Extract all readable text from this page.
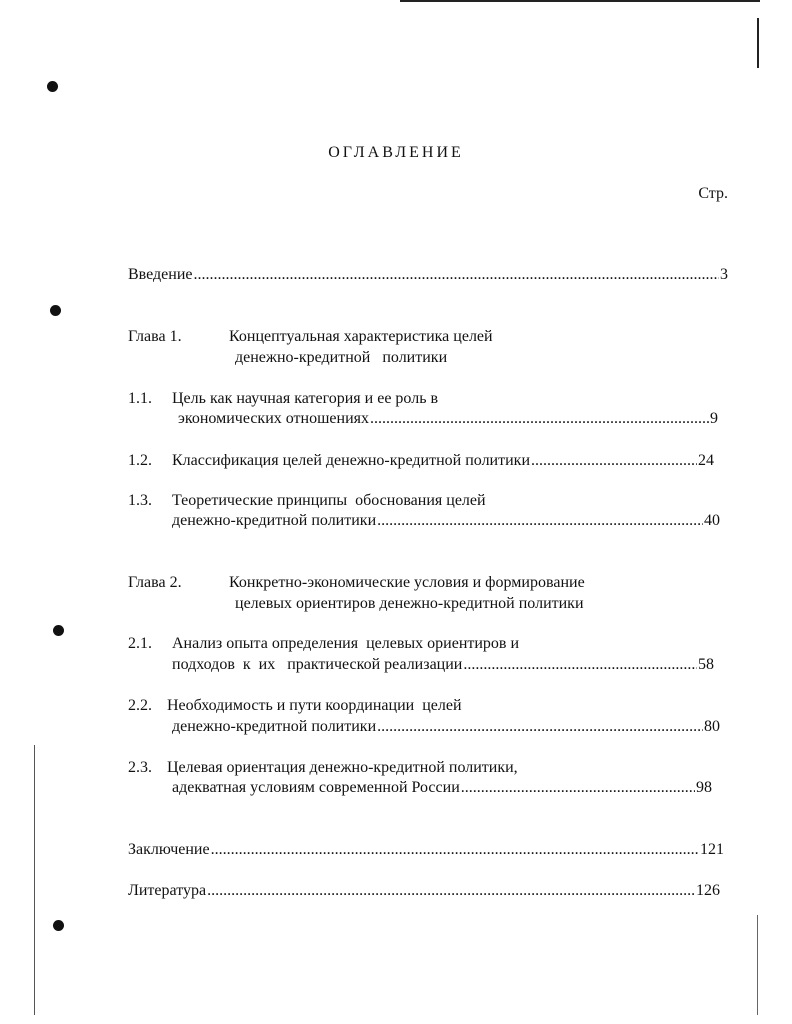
ОГЛАВЛЕНИЕ
Стр.
Введение .....	3
Глава 1.	Концептуальная характеристика целей
денежно-кредитной   политики
1.1. Цель как научная категория и ее роль в
экономических отношениях .....	9
1.2. Классификация целей денежно-кредитной политики .....	24
1.3. Теоретические принципы  обоснования целей
денежно-кредитной политики .....	40
Глава 2.	Конкретно-экономические условия и формирование
целевых ориентиров денежно-кредитной политики
2.1. Анализ опыта определения  целевых ориентиров и
подходов  к  их   практической реализации .....	58
2.2. Необходимость и пути координации  целей
денежно-кредитной политики .....	80
2.3. Целевая ориентация денежно-кредитной политики,
адекватная условиям современной России .....	98
Заключение .....	121
Литература .....	126
